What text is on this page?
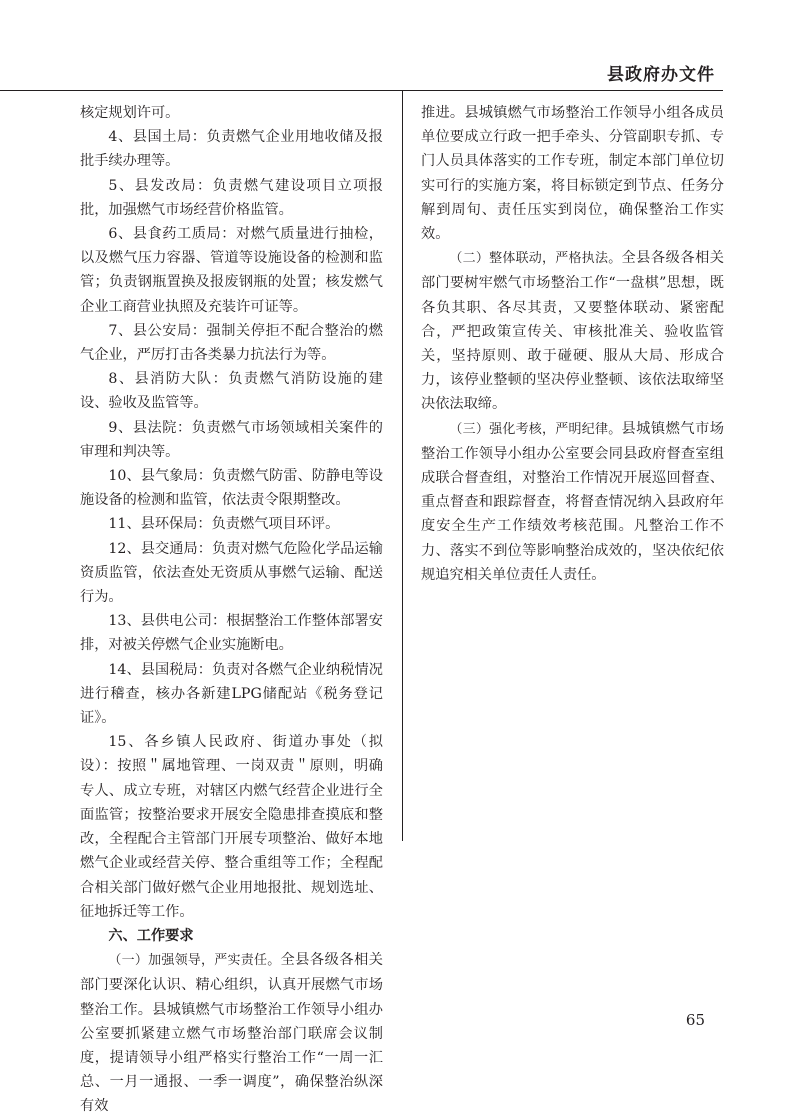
县政府办文件

核定规划许可。

4、县国土局：负责燃气企业用地收储及报批手续办理等。

5、县发改局：负责燃气建设项目立项报批，加强燃气市场经营价格监管。

6、县食药工质局：对燃气质量进行抽检，以及燃气压力容器、管道等设施设备的检测和监管；负责钢瓶置换及报废钢瓶的处置；核发燃气企业工商营业执照及充装许可证等。

7、县公安局：强制关停拒不配合整治的燃气企业，严厉打击各类暴力抗法行为等。

8、县消防大队：负责燃气消防设施的建设、验收及监管等。

9、县法院：负责燃气市场领域相关案件的审理和判决等。

10、县气象局：负责燃气防雷、防静电等设施设备的检测和监管，依法责令限期整改。

11、县环保局：负责燃气项目环评。

12、县交通局：负责对燃气危险化学品运输资质监管，依法查处无资质从事燃气运输、配送行为。

13、县供电公司：根据整治工作整体部署安排，对被关停燃气企业实施断电。

14、县国税局：负责对各燃气企业纳税情况进行稽查，核办各新建LPG储配站《税务登记证》。

15、各乡镇人民政府、街道办事处（拟设）：按照＂属地管理、一岗双责＂原则，明确专人、成立专班，对辖区内燃气经营企业进行全面监管；按整治要求开展安全隐患排查摸底和整改，全程配合主管部门开展专项整治、做好本地燃气企业或经营关停、整合重组等工作；全程配合相关部门做好燃气企业用地报批、规划选址、征地拆迁等工作。

六、工作要求

（一）加强领导，严实责任。全县各级各相关部门要深化认识、精心组织，认真开展燃气市场整治工作。县城镇燃气市场整治工作领导小组办公室要抓紧建立燃气市场整治部门联席会议制度，提请领导小组严格实行整治工作“一周一汇总、一月一通报、一季一调度”，确保整治纵深有效

推进。县城镇燃气市场整治工作领导小组各成员单位要成立行政一把手牵头、分管副职专抓、专门人员具体落实的工作专班，制定本部门单位切实可行的实施方案，将目标锁定到节点、任务分解到周旬、责任压实到岗位，确保整治工作实效。

（二）整体联动，严格执法。全县各级各相关部门要树牢燃气市场整治工作“一盘棋”思想，既各负其职、各尽其责，又要整体联动、紧密配合，严把政策宣传关、审核批准关、验收监管关，坚持原则、敢于碰硬、服从大局、形成合力，该停业整顿的坚决停业整顿、该依法取缔坚决依法取缔。

（三）强化考核，严明纪律。县城镇燃气市场整治工作领导小组办公室要会同县政府督查室组成联合督查组，对整治工作情况开展巡回督查、重点督查和跟踪督查，将督查情况纳入县政府年度安全生产工作绩效考核范围。凡整治工作不力、落实不到位等影响整治成效的，坚决依纪依规追究相关单位责任人责任。

65
